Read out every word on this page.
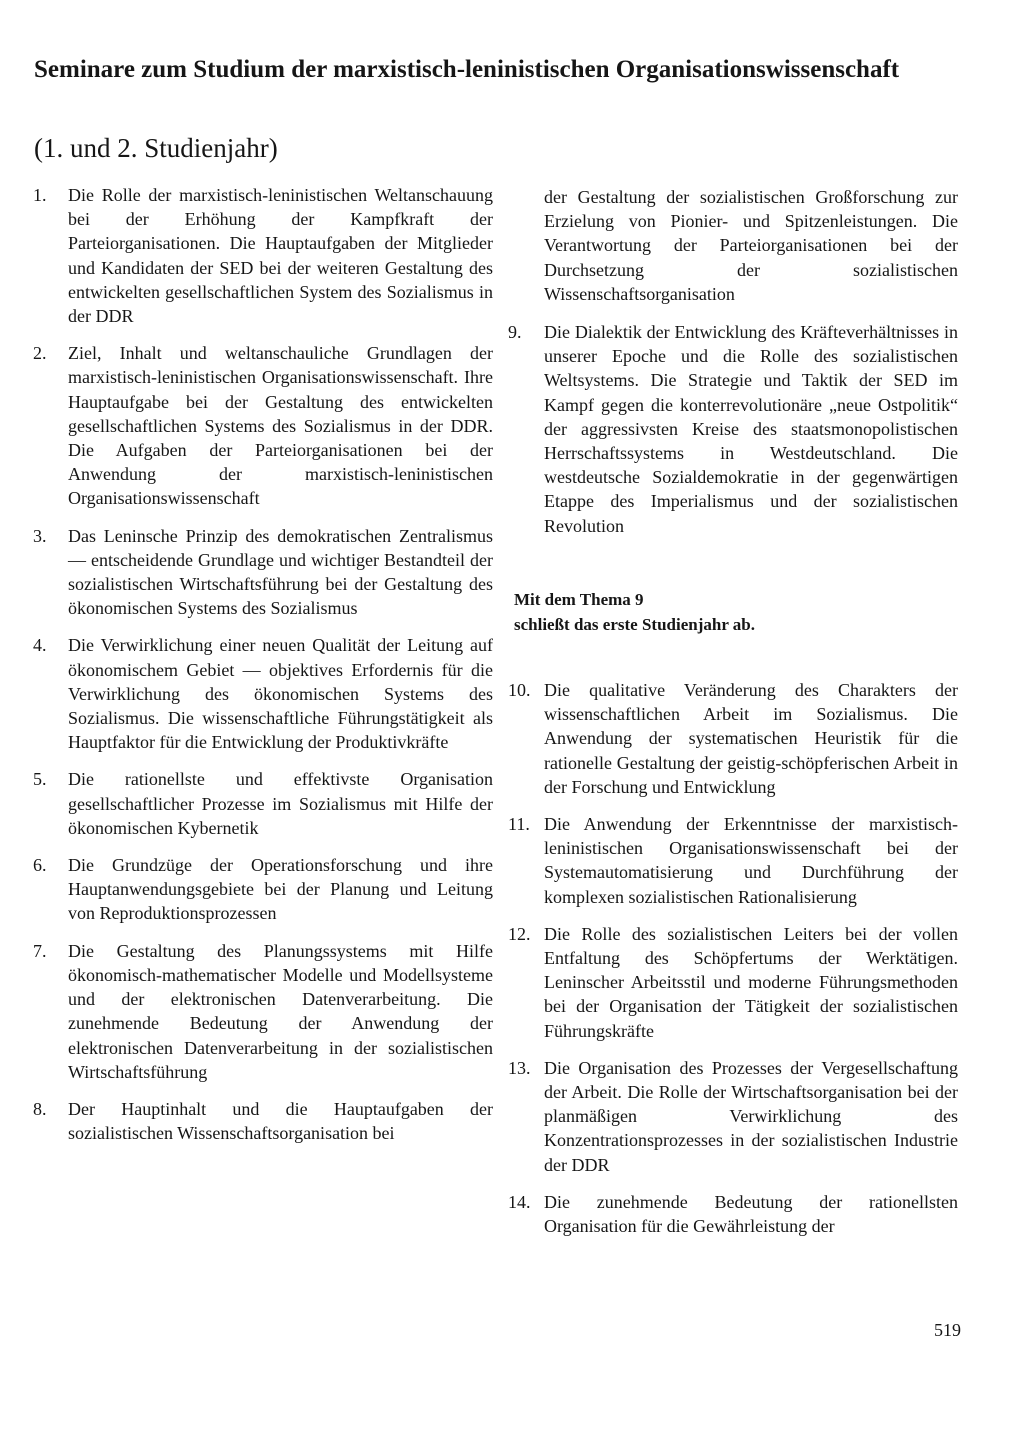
Seminare zum Studium der marxistisch-leninistischen Organisationswissenschaft
(1. und 2. Studienjahr)
1. Die Rolle der marxistisch-leninistischen Weltanschauung bei der Erhöhung der Kampfkraft der Parteiorganisationen. Die Hauptaufgaben der Mitglieder und Kandidaten der SED bei der weiteren Gestaltung des entwickelten gesellschaftlichen System des Sozialismus in der DDR

2. Ziel, Inhalt und weltanschauliche Grundlagen der marxistisch-leninistischen Organisationswissenschaft. Ihre Hauptaufgabe bei der Gestaltung des entwickelten gesellschaftlichen Systems des Sozialismus in der DDR. Die Aufgaben der Parteiorganisationen bei der Anwendung der marxistisch-leninistischen Organisationswissenschaft

3. Das Leninsche Prinzip des demokratischen Zentralismus — entscheidende Grundlage und wichtiger Bestandteil der sozialistischen Wirtschaftsführung bei der Gestaltung des ökonomischen Systems des Sozialismus

4. Die Verwirklichung einer neuen Qualität der Leitung auf ökonomischem Gebiet — objektives Erfordernis für die Verwirklichung des ökonomischen Systems des Sozialismus. Die wissenschaftliche Führungstätigkeit als Hauptfaktor für die Entwicklung der Produktivkräfte

5. Die rationellste und effektivste Organisation gesellschaftlicher Prozesse im Sozialismus mit Hilfe der ökonomischen Kybernetik

6. Die Grundzüge der Operationsforschung und ihre Hauptanwendungsgebiete bei der Planung und Leitung von Reproduktionsprozessen

7. Die Gestaltung des Planungssystems mit Hilfe ökonomisch-mathematischer Modelle und Modellsysteme und der elektronischen Datenverarbeitung. Die zunehmende Bedeutung der Anwendung der elektronischen Datenverarbeitung in der sozialistischen Wirtschaftsführung

8. Der Hauptinhalt und die Hauptaufgaben der sozialistischen Wissenschaftsorganisation bei

der Gestaltung der sozialistischen Großforschung zur Erzielung von Pionier- und Spitzenleistungen. Die Verantwortung der Parteiorganisationen bei der Durchsetzung der sozialistischen Wissenschaftsorganisation

9. Die Dialektik der Entwicklung des Kräfteverhältnisses in unserer Epoche und die Rolle des sozialistischen Weltsystems. Die Strategie und Taktik der SED im Kampf gegen die konterrevolutionäre „neue Ostpolitik“ der aggressivsten Kreise des staatsmonopolistischen Herrschaftssystems in Westdeutschland. Die westdeutsche Sozialdemokratie in der gegenwärtigen Etappe des Imperialismus und der sozialistischen Revolution

Mit dem Thema 9
schließt das erste Studienjahr ab.
10. Die qualitative Veränderung des Charakters der wissenschaftlichen Arbeit im Sozialismus. Die Anwendung der systematischen Heuristik für die rationelle Gestaltung der geistig-schöpferischen Arbeit in der Forschung und Entwicklung

11. Die Anwendung der Erkenntnisse der marxistisch-leninistischen Organisationswissenschaft bei der Systemautomatisierung und Durchführung der komplexen sozialistischen Rationalisierung

12. Die Rolle des sozialistischen Leiters bei der vollen Entfaltung des Schöpfertums der Werktätigen. Leninscher Arbeitsstil und moderne Führungsmethoden bei der Organisation der Tätigkeit der sozialistischen Führungskräfte

13. Die Organisation des Prozesses der Vergesellschaftung der Arbeit. Die Rolle der Wirtschaftsorganisation bei der planmäßigen Verwirklichung des Konzentrationsprozesses in der sozialistischen Industrie der DDR

14. Die zunehmende Bedeutung der rationellsten Organisation für die Gewährleistung der

519
